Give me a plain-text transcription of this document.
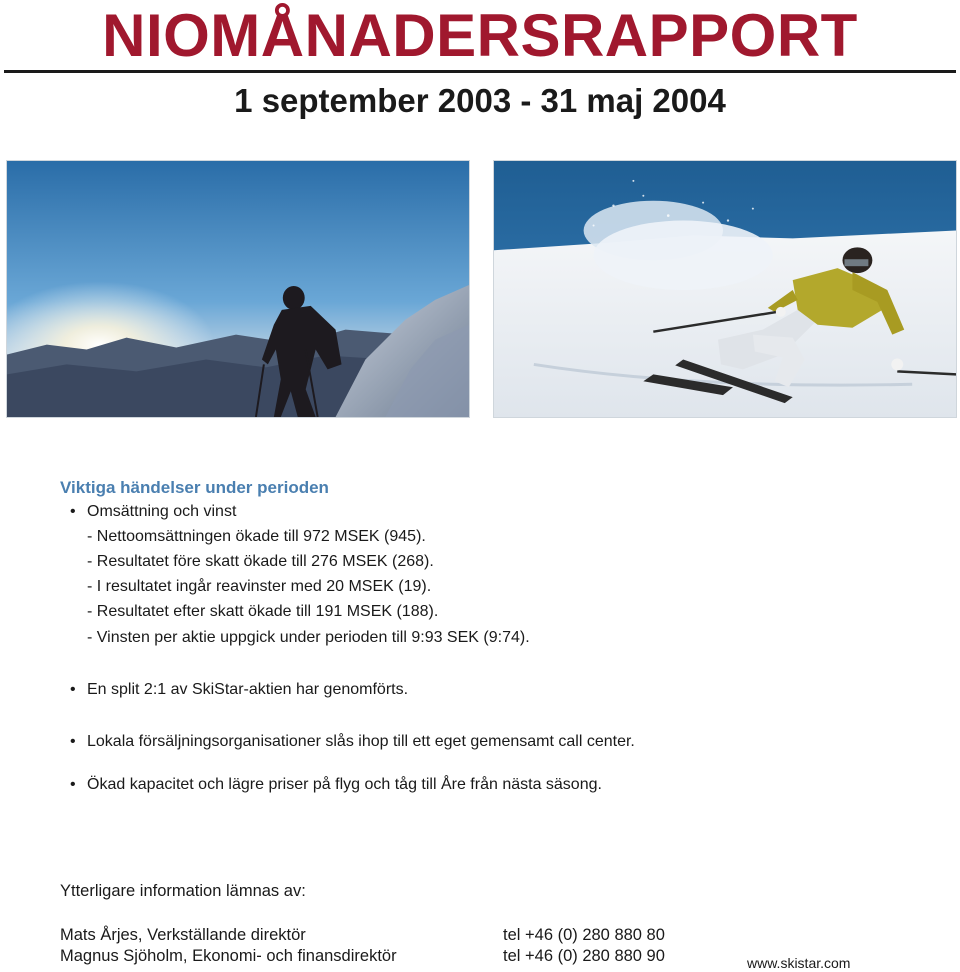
NIOMÅNADERSRAPPORT
1 september 2003 - 31 maj 2004
Viktiga händelser under perioden
• Omsättning och vinst
- Nettoomsättningen ökade till 972 MSEK (945).
- Resultatet före skatt ökade till 276 MSEK (268).
- I resultatet ingår reavinster med 20 MSEK (19).
- Resultatet efter skatt ökade till 191 MSEK (188).
- Vinsten per aktie uppgick under perioden till 9:93 SEK (9:74).
• En split 2:1 av SkiStar-aktien har genomförts.
• Lokala försäljningsorganisationer slås ihop till ett eget gemensamt call center.
• Ökad kapacitet och lägre priser på flyg och tåg till Åre från nästa säsong.
Ytterligare information lämnas av:
Mats Årjes, Verkställande direktör	tel +46 (0) 280 880 80
Magnus Sjöholm, Ekonomi- och finansdirektör	tel +46 (0) 280 880 90	www.skistar.com
